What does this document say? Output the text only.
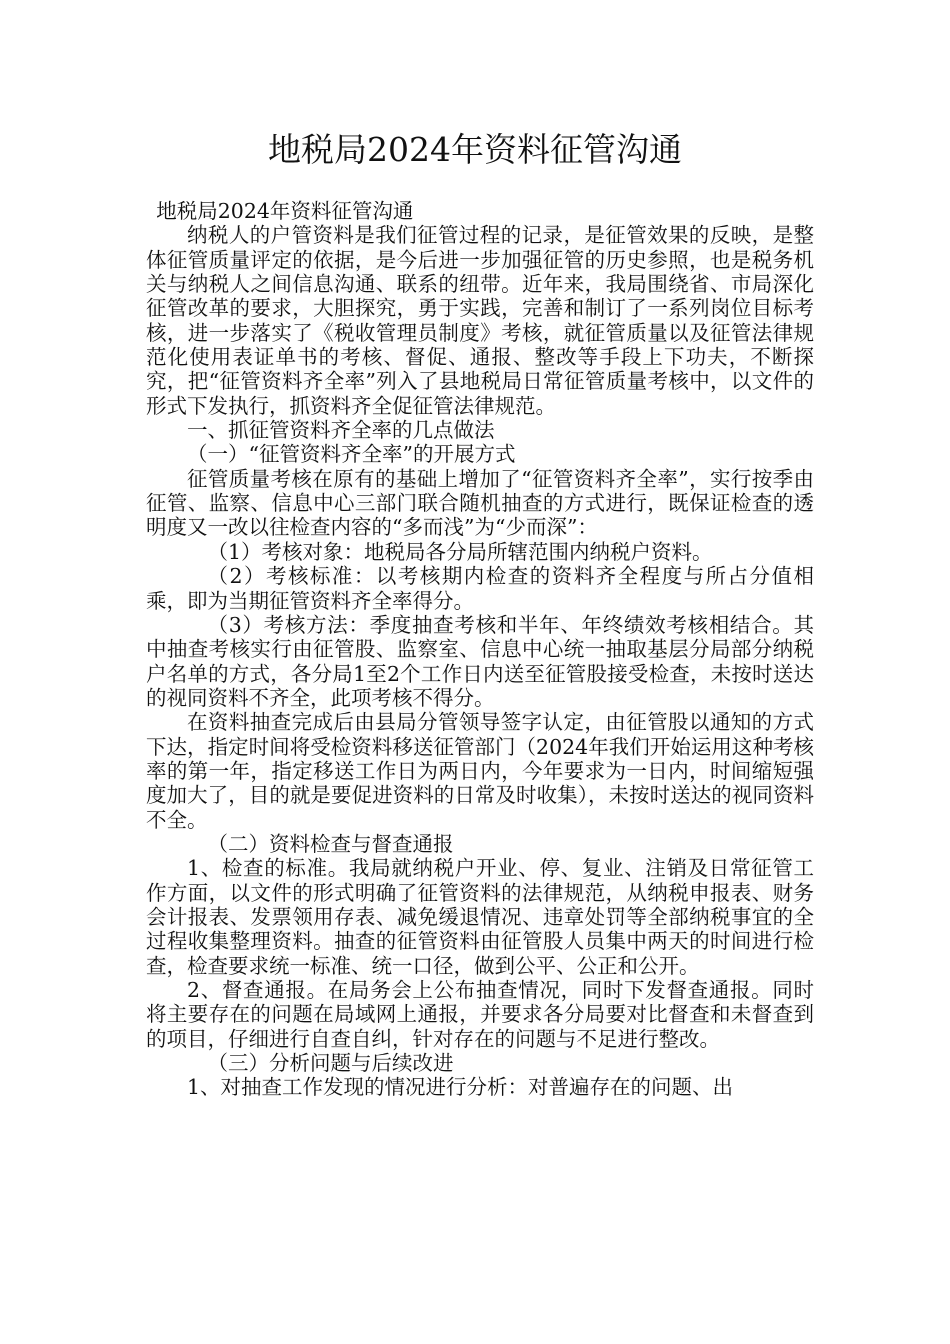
地税局2024年资料征管沟通

地税局2024年资料征管沟通

纳税人的户管资料是我们征管过程的记录，是征管效果的反映，是整体征管质量评定的依据，是今后进一步加强征管的历史参照，也是税务机关与纳税人之间信息沟通、联系的纽带。近年来，我局围绕省、市局深化征管改革的要求，大胆探究，勇于实践，完善和制订了一系列岗位目标考核，进一步落实了《税收管理员制度》考核，就征管质量以及征管法律规范化使用表证单书的考核、督促、通报、整改等手段上下功夫，不断探究，把“征管资料齐全率”列入了县地税局日常征管质量考核中，以文件的形式下发执行，抓资料齐全促征管法律规范。

一、抓征管资料齐全率的几点做法

（一）“征管资料齐全率”的开展方式

征管质量考核在原有的基础上增加了“征管资料齐全率”，实行按季由征管、监察、信息中心三部门联合随机抽查的方式进行，既保证检查的透明度又一改以往检查内容的“多而浅”为“少而深”：

（1）考核对象：地税局各分局所辖范围内纳税户资料。

（2）考核标准：以考核期内检查的资料齐全程度与所占分值相乘，即为当期征管资料齐全率得分。

（3）考核方法：季度抽查考核和半年、年终绩效考核相结合。其中抽查考核实行由征管股、监察室、信息中心统一抽取基层分局部分纳税户名单的方式，各分局1至2个工作日内送至征管股接受检查，未按时送达的视同资料不齐全，此项考核不得分。

在资料抽查完成后由县局分管领导签字认定，由征管股以通知的方式下达，指定时间将受检资料移送征管部门（2024年我们开始运用这种考核率的第一年，指定移送工作日为两日内，今年要求为一日内，时间缩短强度加大了，目的就是要促进资料的日常及时收集），未按时送达的视同资料不全。

（二）资料检查与督查通报

1、检查的标准。我局就纳税户开业、停、复业、注销及日常征管工作方面，以文件的形式明确了征管资料的法律规范，从纳税申报表、财务会计报表、发票领用存表、减免缓退情况、违章处罚等全部纳税事宜的全过程收集整理资料。抽查的征管资料由征管股人员集中两天的时间进行检查，检查要求统一标准、统一口径，做到公平、公正和公开。

2、督查通报。在局务会上公布抽查情况，同时下发督查通报。同时将主要存在的问题在局域网上通报，并要求各分局要对比督查和未督查到的项目，仔细进行自查自纠，针对存在的问题与不足进行整改。

（三）分析问题与后续改进

1、对抽查工作发现的情况进行分析：对普遍存在的问题、出
